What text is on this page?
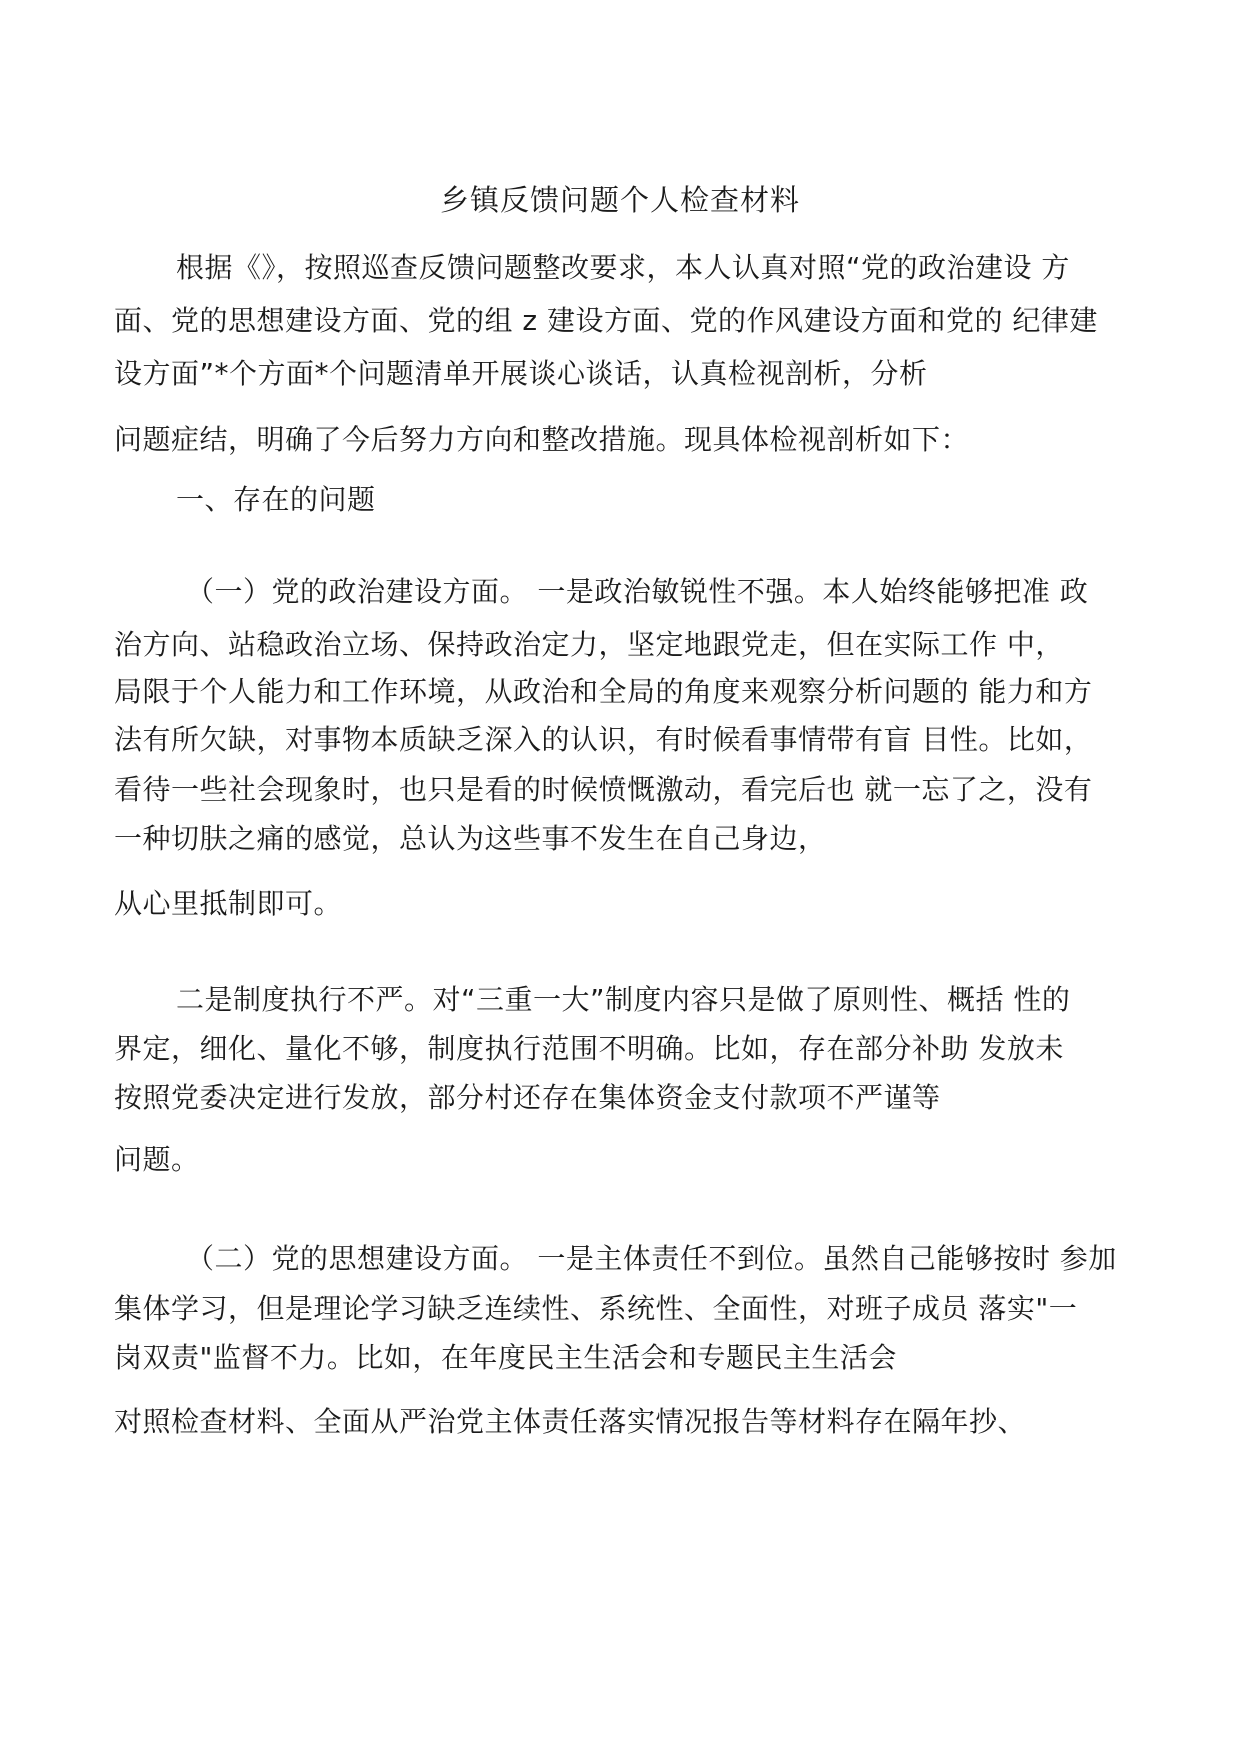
乡镇反馈问题个人检查材料
根据《》，按照巡查反馈问题整改要求，本人认真对照“党的政治建设 方
面、党的思想建设方面、党的组 z 建设方面、党的作风建设方面和党的 纪律建
设方面”*个方面*个问题清单开展谈心谈话，认真检视剖析，分析
问题症结，明确了今后努力方向和整改措施。现具体检视剖析如下：
一、存在的问题
（一）党的政治建设方面。 一是政治敏锐性不强。本人始终能够把准 政
治方向、站稳政治立场、保持政治定力，坚定地跟党走，但在实际工作 中，
局限于个人能力和工作环境，从政治和全局的角度来观察分析问题的 能力和方
法有所欠缺，对事物本质缺乏深入的认识，有时候看事情带有盲 目性。比如，
看待一些社会现象时，也只是看的时候愤慨激动，看完后也 就一忘了之，没有
一种切肤之痛的感觉，总认为这些事不发生在自己身边，
从心里抵制即可。
二是制度执行不严。对“三重一大”制度内容只是做了原则性、概括 性的
界定，细化、量化不够，制度执行范围不明确。比如，存在部分补助 发放未
按照党委决定进行发放，部分村还存在集体资金支付款项不严谨等
问题。
（二）党的思想建设方面。 一是主体责任不到位。虽然自己能够按时 参加
集体学习，但是理论学习缺乏连续性、系统性、全面性，对班子成员 落实"一
岗双责"监督不力。比如，在年度民主生活会和专题民主生活会
对照检查材料、全面从严治党主体责任落实情况报告等材料存在隔年抄、
